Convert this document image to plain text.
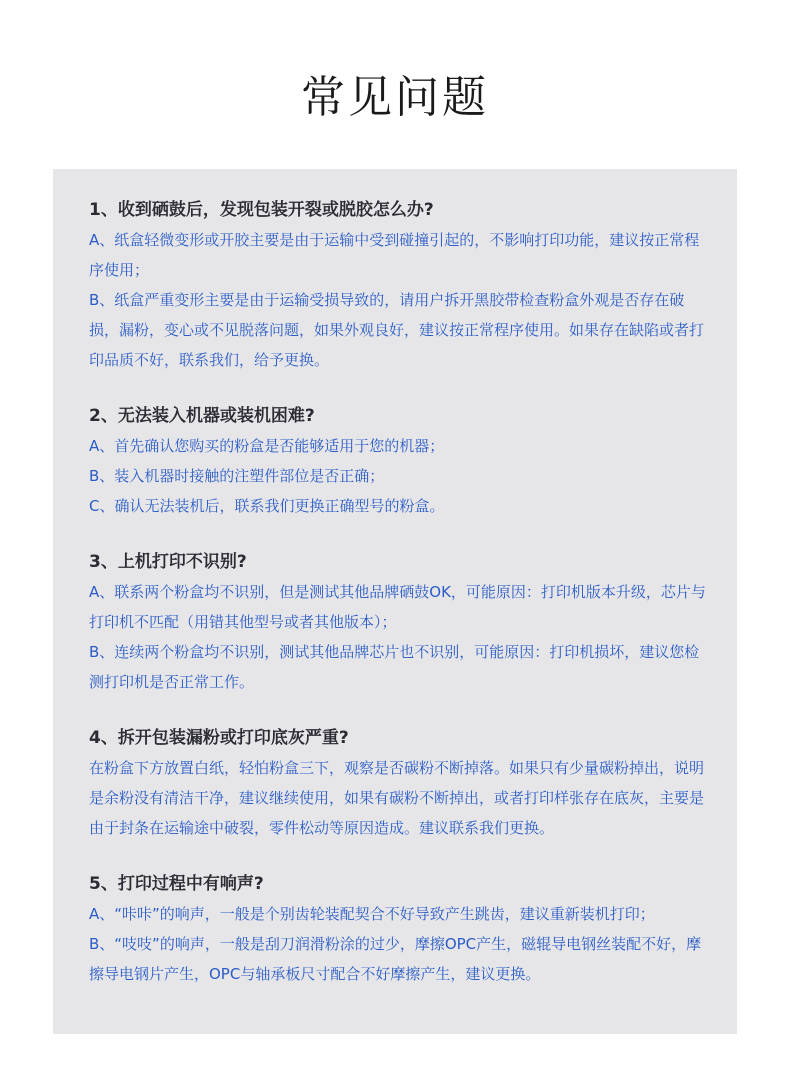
常见问题

1、收到硒鼓后，发现包装开裂或脱胶怎么办?

A、纸盒轻微变形或开胶主要是由于运输中受到碰撞引起的，不影响打印功能，建议按正常程序使用；

B、纸盒严重变形主要是由于运输受损导致的，请用户拆开黑胶带检查粉盒外观是否存在破损，漏粉，变心或不见脱落问题，如果外观良好，建议按正常程序使用。如果存在缺陷或者打印品质不好，联系我们，给予更换。

2、无法装入机器或装机困难?

A、首先确认您购买的粉盒是否能够适用于您的机器；

B、装入机器时接触的注塑件部位是否正确；

C、确认无法装机后，联系我们更换正确型号的粉盒。

3、上机打印不识别?

A、联系两个粉盒均不识别，但是测试其他品牌硒鼓OK，可能原因：打印机版本升级，芯片与打印机不匹配（用错其他型号或者其他版本）；

B、连续两个粉盒均不识别，测试其他品牌芯片也不识别，可能原因：打印机损坏，建议您检测打印机是否正常工作。

4、拆开包装漏粉或打印底灰严重?

在粉盒下方放置白纸，轻怕粉盒三下，观察是否碳粉不断掉落。如果只有少量碳粉掉出，说明是余粉没有清洁干净，建议继续使用，如果有碳粉不断掉出，或者打印样张存在底灰，主要是由于封条在运输途中破裂，零件松动等原因造成。建议联系我们更换。

5、打印过程中有响声?

A、“咔咔”的响声，一般是个别齿轮装配契合不好导致产生跳齿，建议重新装机打印；

B、“吱吱”的响声，一般是刮刀润滑粉涂的过少，摩擦OPC产生，磁辊导电钢丝装配不好，摩擦导电钢片产生，OPC与轴承板尺寸配合不好摩擦产生，建议更换。
